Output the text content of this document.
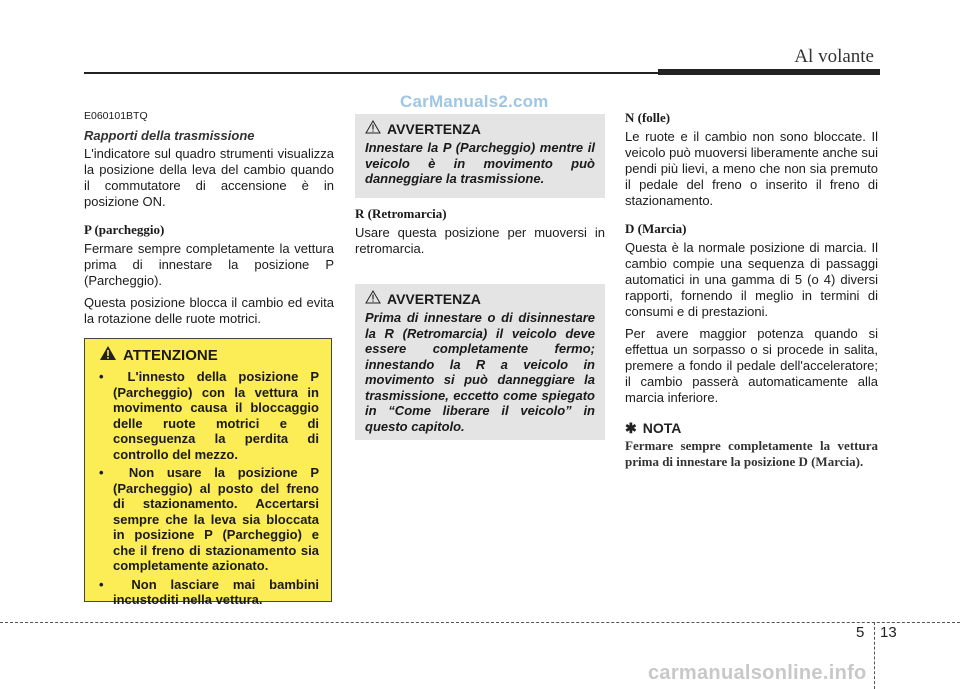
Al volante
CarManuals2.com
E060101BTQ
Rapporti della trasmissione

L'indicatore sul quadro strumenti visualizza la posizione della leva del cambio quando il commutatore di accensione è in posizione ON.

P (parcheggio)

Fermare sempre completamente la vettura prima di innestare la posizione P (Parcheggio).

Questa posizione blocca il cambio ed evita la rotazione delle ruote motrici.

ATTENZIONE
•  L'innesto della posizione P (Parcheggio) con la vettura in movimento causa il bloccaggio delle ruote motrici e di conseguenza la perdita di controllo del mezzo.
•  Non usare la posizione P (Parcheggio) al posto del freno di stazionamento. Accertarsi sempre che la leva sia bloccata in posizione P (Parcheggio) e che il freno di stazionamento sia completamente azionato.
•  Non lasciare mai bambini incustoditi nella vettura.
AVVERTENZA

Innestare la P (Parcheggio) mentre il veicolo è in movimento può danneggiare la trasmissione.

R (Retromarcia)

Usare questa posizione per muoversi in retromarcia.

AVVERTENZA

Prima di innestare o di disinnestare la R (Retromarcia) il veicolo deve essere completamente fermo; innestando la R a veicolo in movimento si può danneggiare la trasmissione, eccetto come spiegato in “Come liberare il veicolo” in questo capitolo.

N (folle)

Le ruote e il cambio non sono bloccate. Il veicolo può muoversi liberamente anche sui pendi più lievi, a meno che non sia premuto il pedale del freno o inserito il freno di stazionamento.

D (Marcia)

Questa è la normale posizione di marcia. Il cambio compie una sequenza di passaggi automatici in una gamma di 5 (o 4) diversi rapporti, fornendo il meglio in termini di consumi e di prestazioni.

Per avere maggior potenza quando si effettua un sorpasso o si procede in salita, premere a fondo il pedale dell'acceleratore; il cambio passerà automaticamente alla marcia inferiore.

✱ NOTA

Fermare sempre completamente la vettura prima di innestare la posizione D (Marcia).

5 13
carmanualsonline.info
